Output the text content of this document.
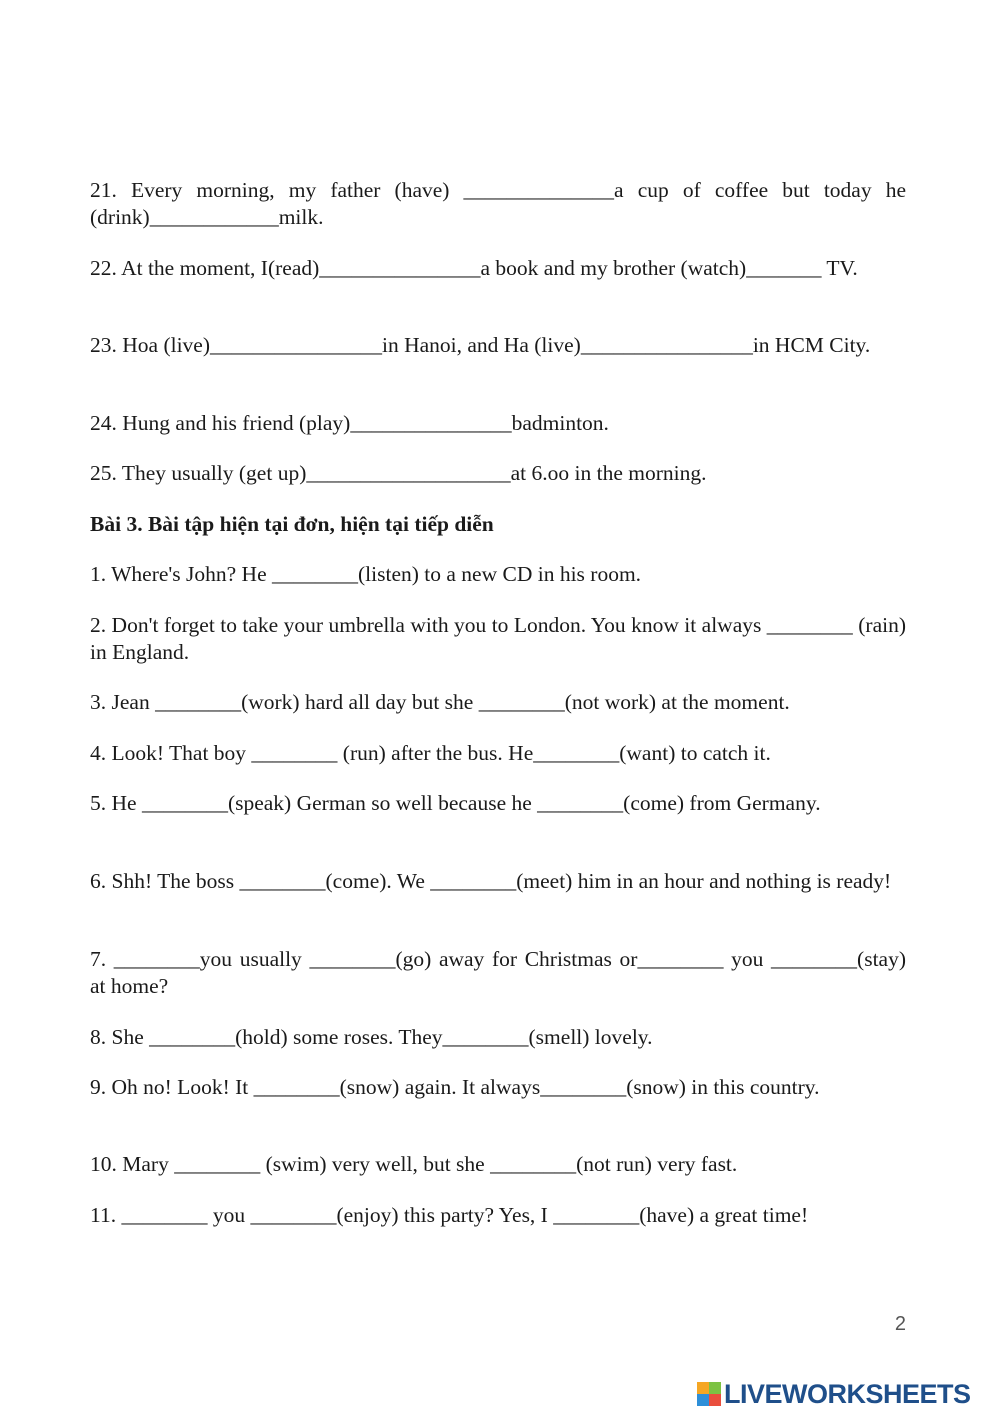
21. Every morning, my father (have) ______________a cup of coffee but today he (drink)____________milk.

22. At the moment, I(read)_______________a book and my brother (watch)_______ TV.

23. Hoa (live)________________in Hanoi, and Ha (live)________________in HCM City.

24. Hung and his friend (play)_______________badminton.

25. They usually (get up)___________________at 6.oo in the morning.

Bài 3. Bài tập hiện tại đơn, hiện tại tiếp diễn

1. Where's John? He ________(listen) to a new CD in his room.

2. Don't forget to take your umbrella with you to London. You know it always ________ (rain) in England.

3. Jean ________(work) hard all day but she ________(not work) at the moment.

4. Look! That boy ________ (run) after the bus. He________(want) to catch it.

5. He ________(speak) German so well because he ________(come) from Germany.

6. Shh! The boss ________(come). We ________(meet) him in an hour and nothing is ready!

7. ________you usually ________(go) away for Christmas or________ you ________(stay) at home?

8. She ________(hold) some roses. They________(smell) lovely.

9. Oh no! Look! It ________(snow) again. It always________(snow) in this country.

10. Mary ________ (swim) very well, but she ________(not run) very fast.

11. ________ you ________(enjoy) this party? Yes, I ________(have) a great time!

2
LIVEWORKSHEETS
